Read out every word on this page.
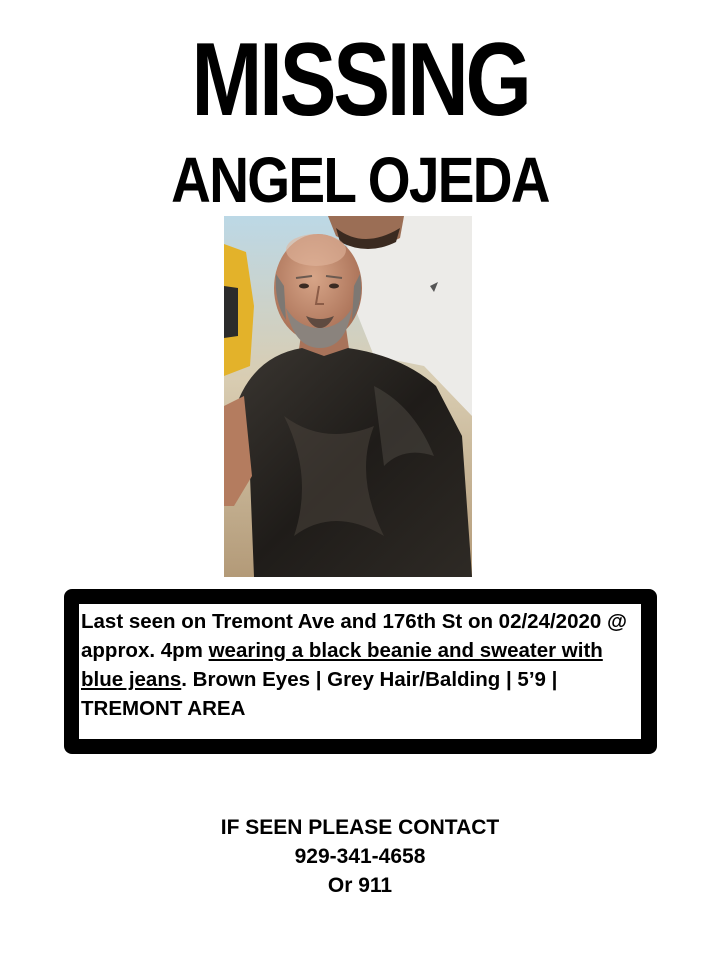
MISSING
ANGEL OJEDA
Last seen on Tremont Ave and 176th St on 02/24/2020 @ approx. 4pm wearing a black beanie and sweater with blue jeans. Brown Eyes | Grey Hair/Balding | 5’9 | TREMONT AREA
IF SEEN PLEASE CONTACT
929-341-4658
Or 911
